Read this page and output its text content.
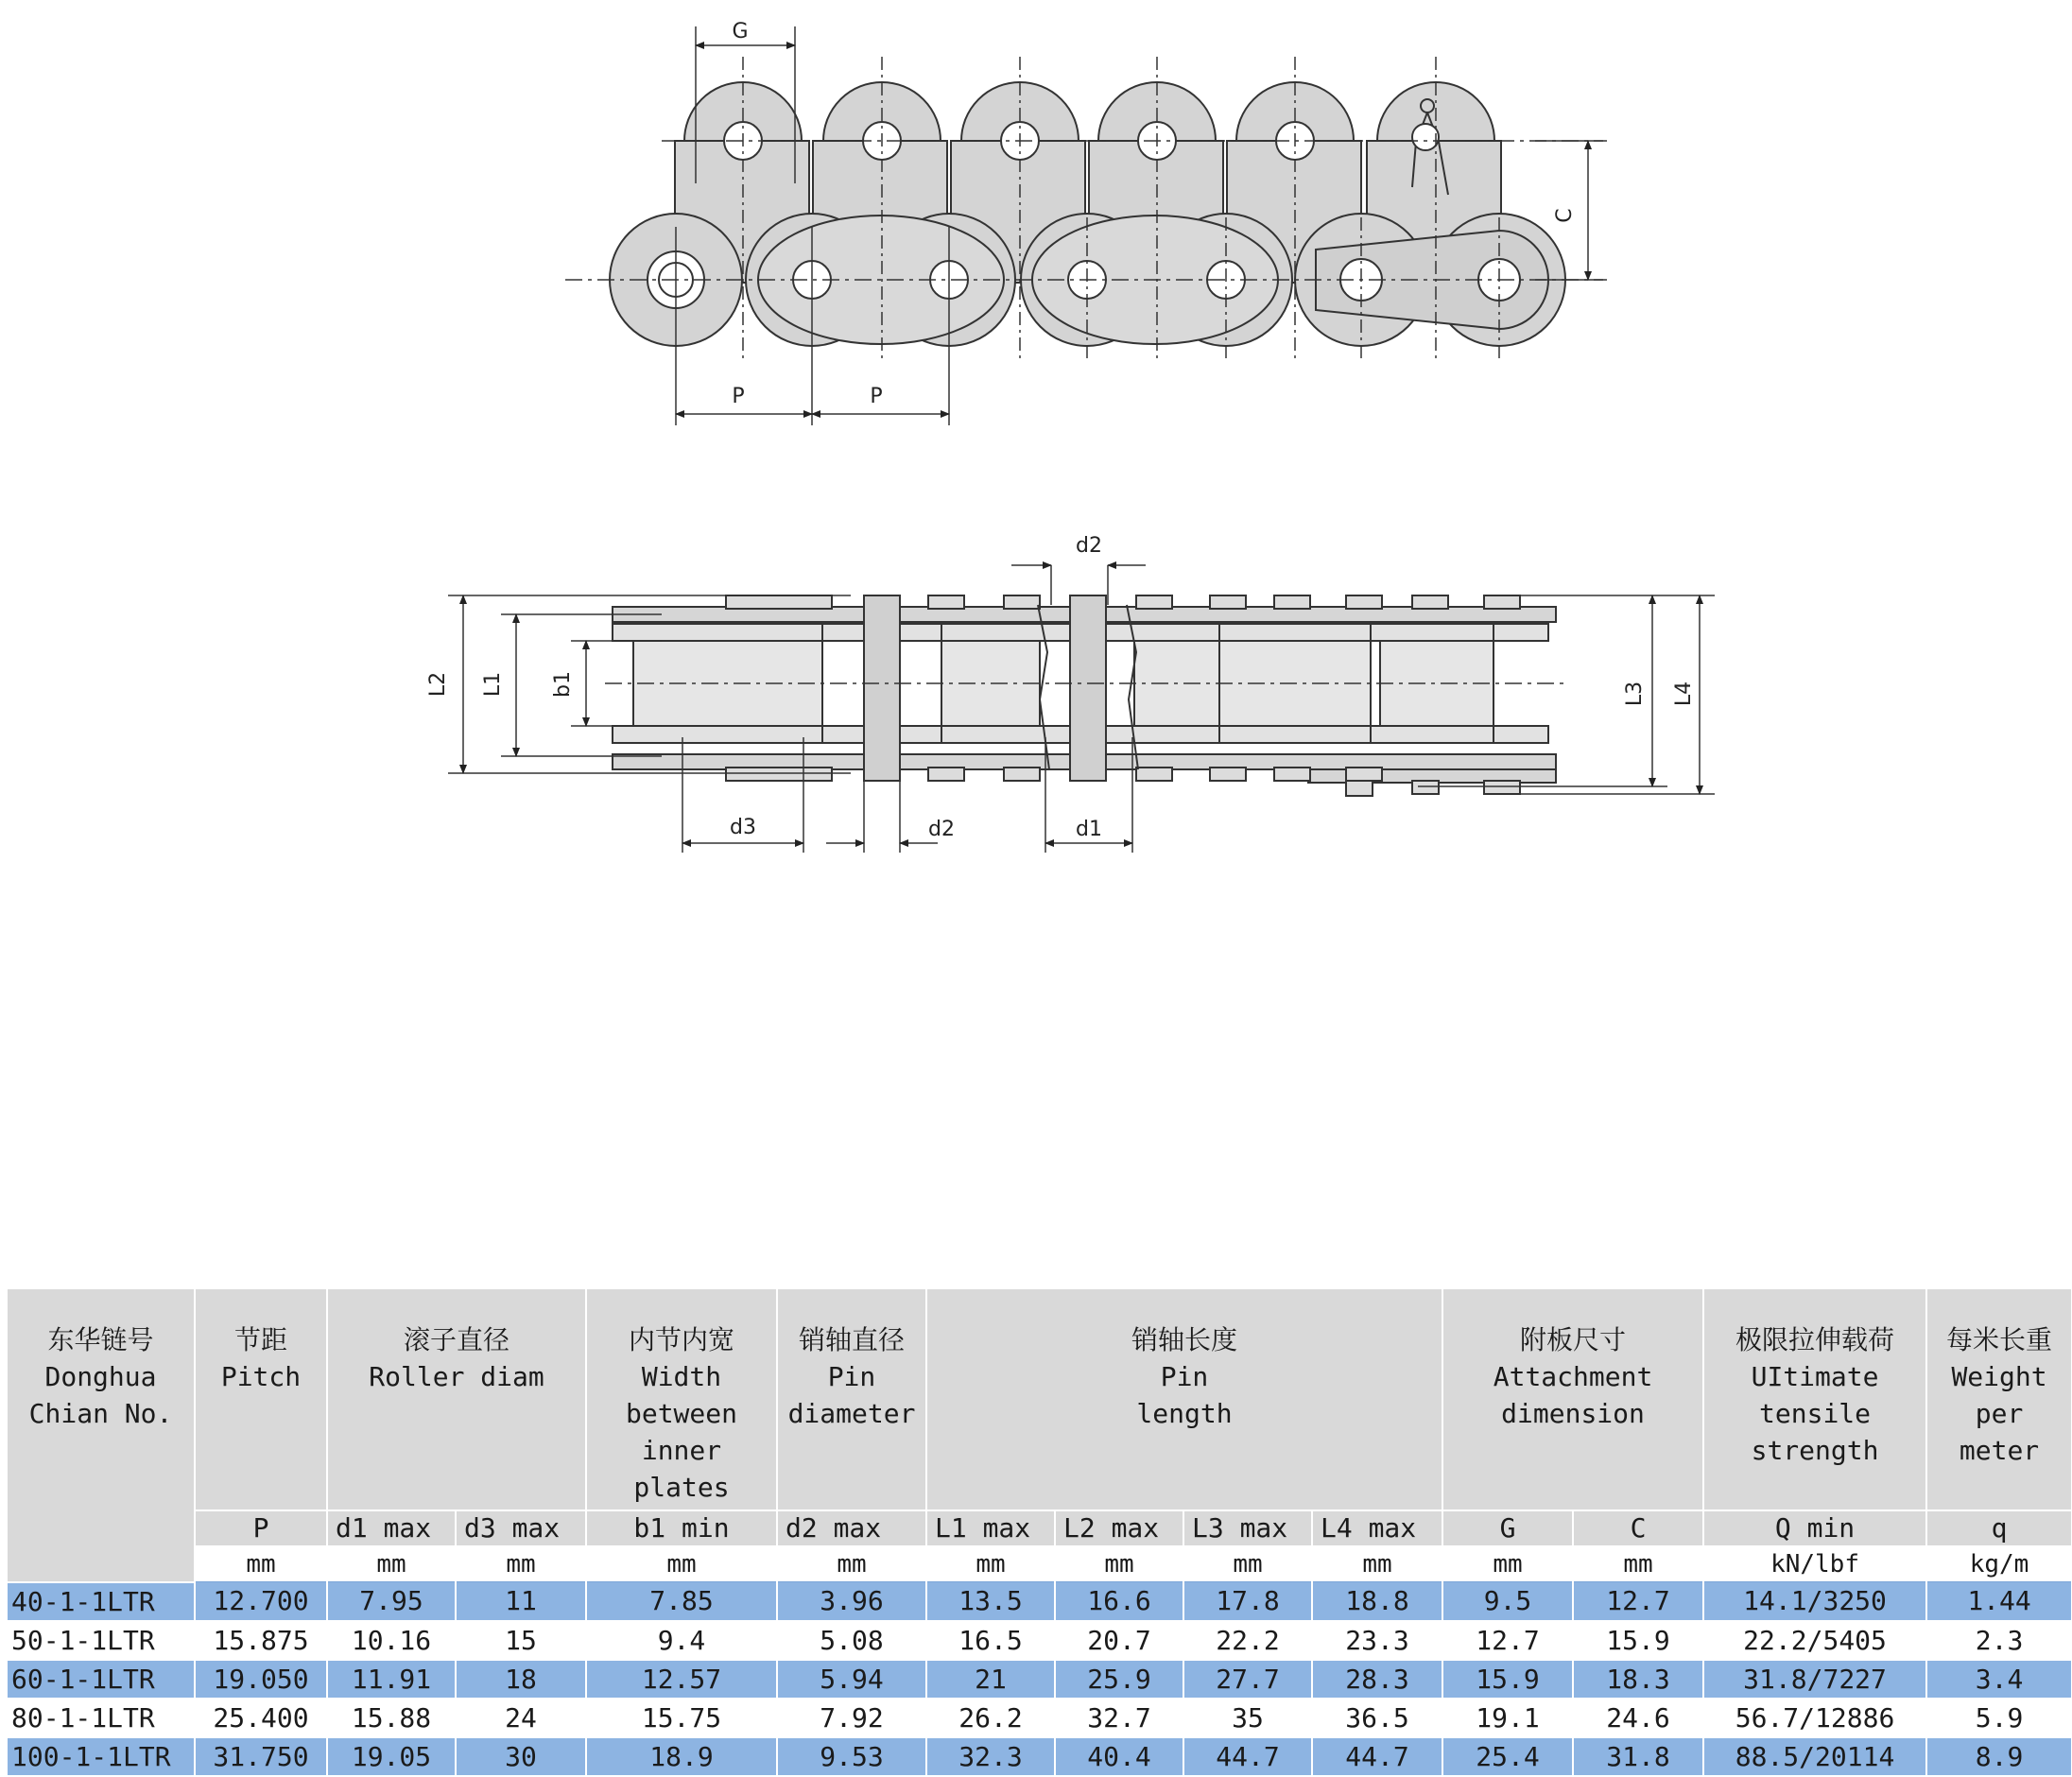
G
C
P	P
d2
L2 L1 b1	L3 L4
d3	d2	d1
东华链号
Donghua
Chian No.	节距
Pitch	滚子直径
Roller diam		内节内宽
Width
between
inner
plates	销轴直径
Pin
diameter	销轴长度
Pin
length				附板尺寸
Attachment
dimension		极限拉伸载荷
UItimate
tensile
strength	每米长重
Weight
per
meter

	P	d1 max	d3 max	b1 min	d2 max	L1 max	L2 max	L3 max	L4 max	G	C	Q min	q
	mm	mm	mm	mm	mm	mm	mm	mm	mm	mm	mm	kN/lbf	kg/m
40-1-1LTR	12.700	7.95	11	7.85	3.96	13.5	16.6	17.8	18.8	9.5	12.7	14.1/3250	1.44
50-1-1LTR	15.875	10.16	15	9.4	5.08	16.5	20.7	22.2	23.3	12.7	15.9	22.2/5405	2.3
60-1-1LTR	19.050	11.91	18	12.57	5.94	21	25.9	27.7	28.3	15.9	18.3	31.8/7227	3.4
80-1-1LTR	25.400	15.88	24	15.75	7.92	26.2	32.7	35	36.5	19.1	24.6	56.7/12886	5.9
100-1-1LTR	31.750	19.05	30	18.9	9.53	32.3	40.4	44.7	44.7	25.4	31.8	88.5/20114	8.9
